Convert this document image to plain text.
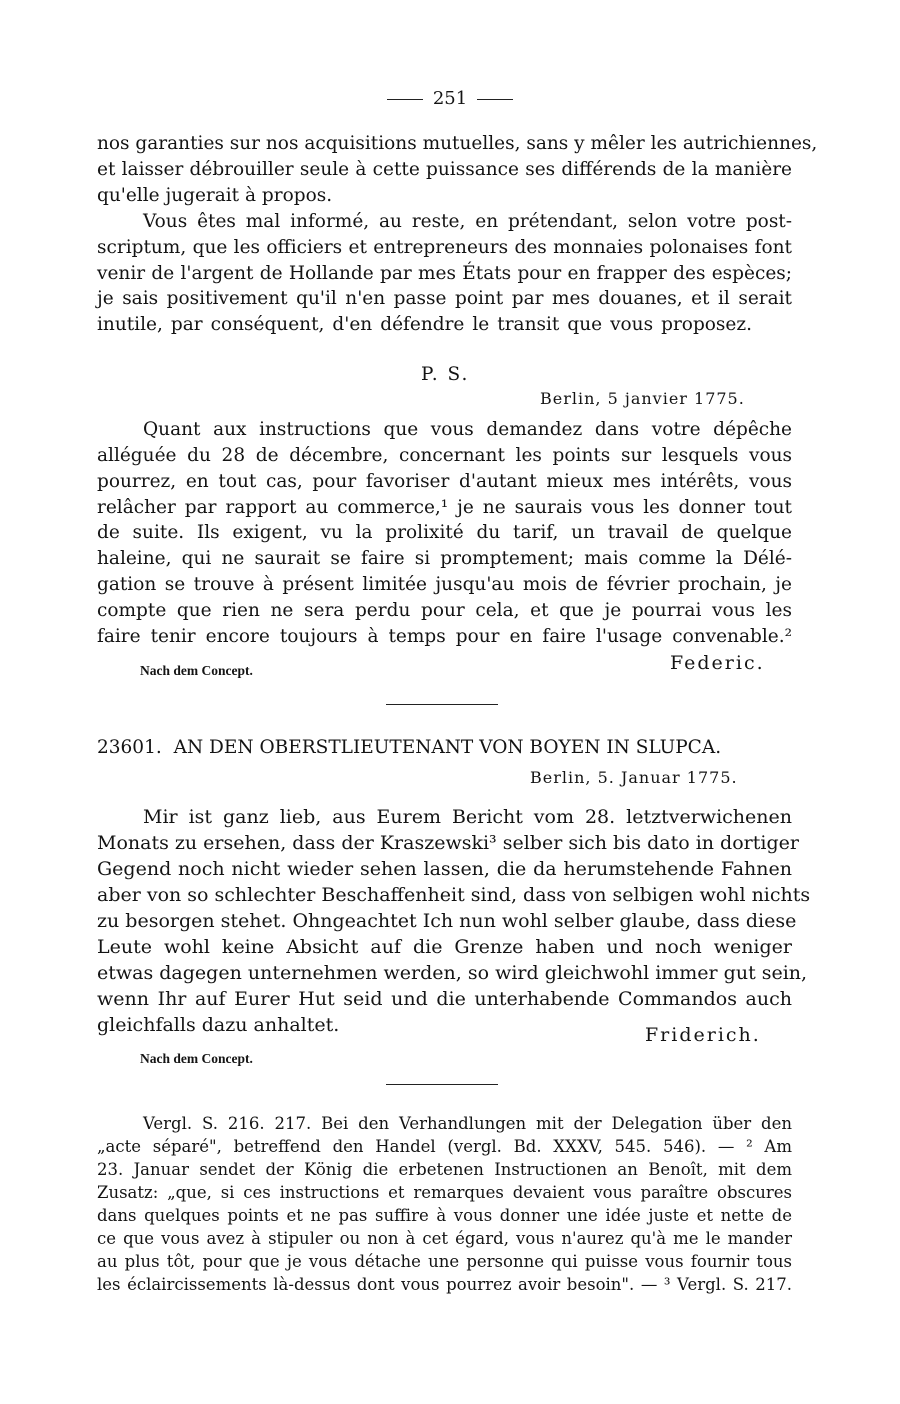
251
nos garanties sur nos acquisitions mutuelles, sans y mêler les autrichiennes,
et laisser débrouiller seule à cette puissance ses différends de la manière
qu'elle jugerait à propos.
Vous êtes mal informé, au reste, en prétendant, selon votre post-
scriptum, que les officiers et entrepreneurs des monnaies polonaises font
venir de l'argent de Hollande par mes États pour en frapper des espèces;
je sais positivement qu'il n'en passe point par mes douanes, et il serait
inutile, par conséquent, d'en défendre le transit que vous proposez.
P. S.
Berlin, 5 janvier 1775.
Quant aux instructions que vous demandez dans votre dépêche
alléguée du 28 de décembre, concernant les points sur lesquels vous
pourrez, en tout cas, pour favoriser d'autant mieux mes intérêts, vous
relâcher par rapport au commerce,¹ je ne saurais vous les donner tout
de suite. Ils exigent, vu la prolixité du tarif, un travail de quelque
haleine, qui ne saurait se faire si promptement; mais comme la Délé-
gation se trouve à présent limitée jusqu'au mois de février prochain, je
compte que rien ne sera perdu pour cela, et que je pourrai vous les
faire tenir encore toujours à temps pour en faire l'usage convenable.²
Nach dem Concept.	Federic.
23601. AN DEN OBERSTLIEUTENANT VON BOYEN IN SLUPCA.
Berlin, 5. Januar 1775.
Mir ist ganz lieb, aus Eurem Bericht vom 28. letztverwichenen
Monats zu ersehen, dass der Kraszewski³ selber sich bis dato in dortiger
Gegend noch nicht wieder sehen lassen, die da herumstehende Fahnen
aber von so schlechter Beschaffenheit sind, dass von selbigen wohl nichts
zu besorgen stehet. Ohngeachtet Ich nun wohl selber glaube, dass diese
Leute wohl keine Absicht auf die Grenze haben und noch weniger
etwas dagegen unternehmen werden, so wird gleichwohl immer gut sein,
wenn Ihr auf Eurer Hut seid und die unterhabende Commandos auch
gleichfalls dazu anhaltet.	Friderich.
Nach dem Concept.
Vergl. S. 216. 217. Bei den Verhandlungen mit der Delegation über den
„acte séparé", betreffend den Handel (vergl. Bd. XXXV, 545. 546). — ² Am
23. Januar sendet der König die erbetenen Instructionen an Benoît, mit dem
Zusatz: „que, si ces instructions et remarques devaient vous paraître obscures
dans quelques points et ne pas suffire à vous donner une idée juste et nette de
ce que vous avez à stipuler ou non à cet égard, vous n'aurez qu'à me le mander
au plus tôt, pour que je vous détache une personne qui puisse vous fournir tous
les éclaircissements là-dessus dont vous pourrez avoir besoin". — ³ Vergl. S. 217.
